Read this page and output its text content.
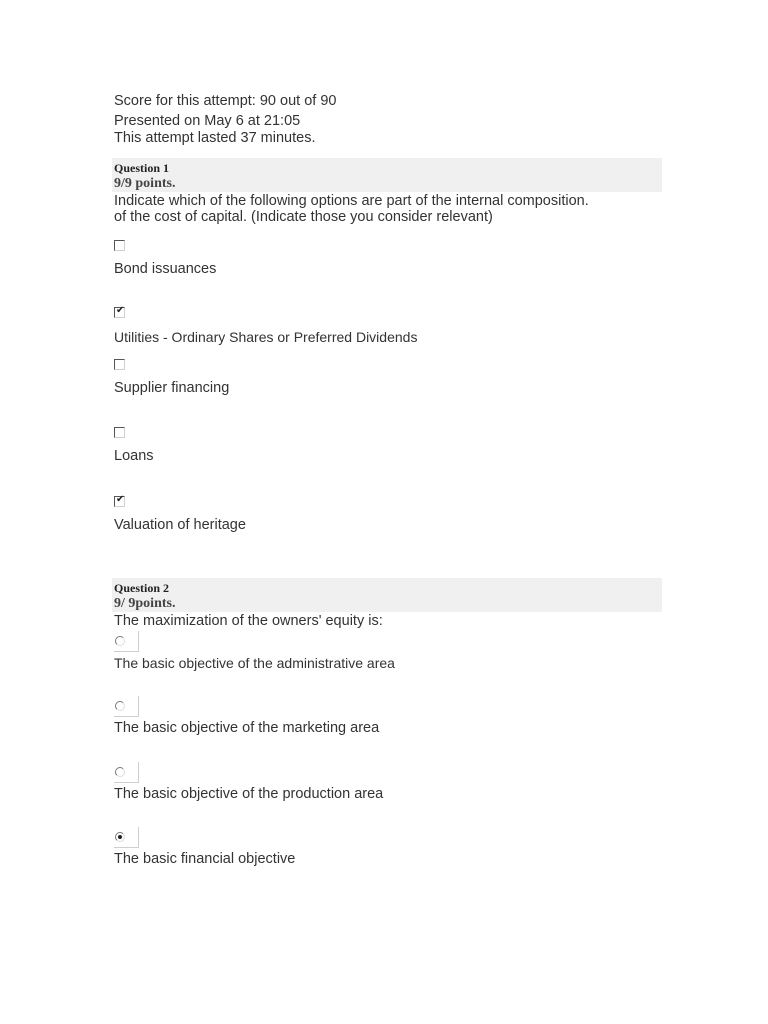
Score for this attempt: 90 out of 90
Presented on May 6 at 21:05
This attempt lasted 37 minutes.
Question 1
9/9 points.
Indicate which of the following options are part of the internal composition.
of the cost of capital. (Indicate those you consider relevant)
Bond issuances
✔
Utilities - Ordinary Shares or Preferred Dividends
Supplier financing
Loans
✔
Valuation of heritage
Question 2
9/ 9points.
The maximization of the owners' equity is:
The basic objective of the administrative area
The basic objective of the marketing area
The basic objective of the production area
The basic financial objective
